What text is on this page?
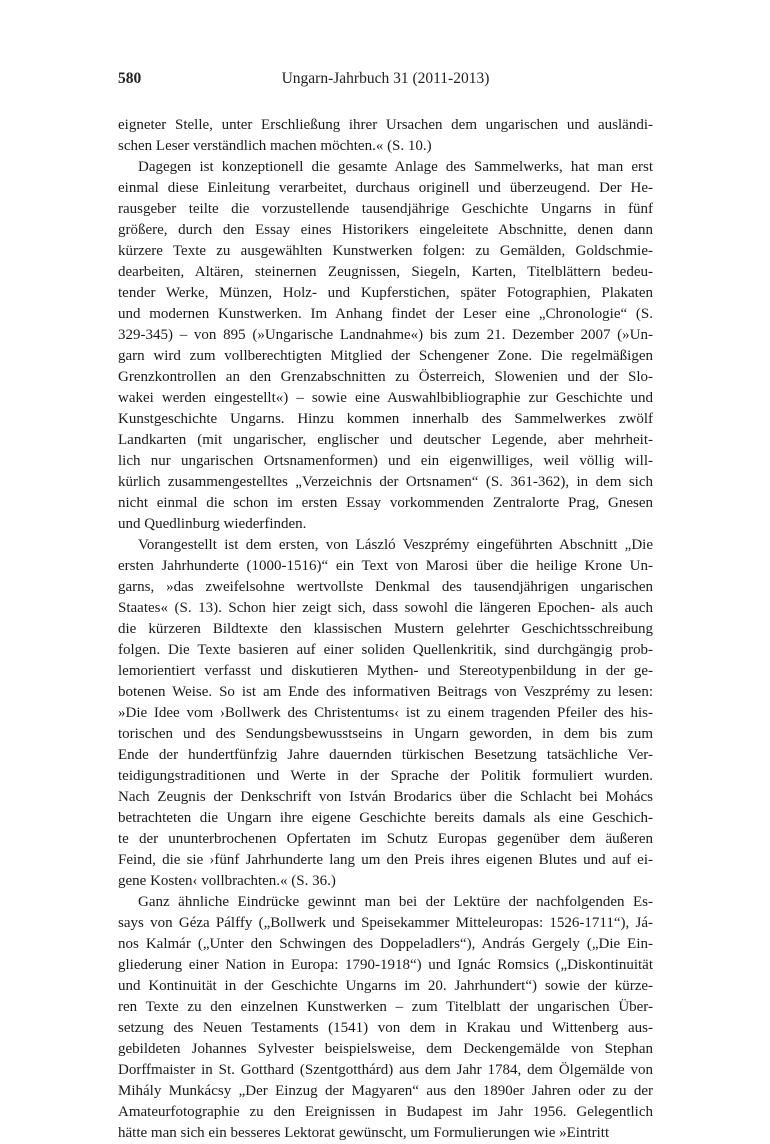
580	Ungarn-Jahrbuch 31 (2011-2013)
eigneter Stelle, unter Erschließung ihrer Ursachen dem ungarischen und ausländi-
schen Leser verständlich machen möchten.« (S. 10.)
Dagegen ist konzeptionell die gesamte Anlage des Sammelwerks, hat man erst
einmal diese Einleitung verarbeitet, durchaus originell und überzeugend. Der He-
rausgeber teilte die vorzustellende tausendjährige Geschichte Ungarns in fünf
größere, durch den Essay eines Historikers eingeleitete Abschnitte, denen dann
kürzere Texte zu ausgewählten Kunstwerken folgen: zu Gemälden, Goldschmie-
dearbeiten, Altären, steinernen Zeugnissen, Siegeln, Karten, Titelblättern bedeu-
tender Werke, Münzen, Holz- und Kupferstichen, später Fotographien, Plakaten
und modernen Kunstwerken. Im Anhang findet der Leser eine „Chronologie“ (S.
329-345) – von 895 (»Ungarische Landnahme«) bis zum 21. Dezember 2007 (»Un-
garn wird zum vollberechtigten Mitglied der Schengener Zone. Die regelmäßigen
Grenzkontrollen an den Grenzabschnitten zu Österreich, Slowenien und der Slo-
wakei werden eingestellt«) – sowie eine Auswahlbibliographie zur Geschichte und
Kunstgeschichte Ungarns. Hinzu kommen innerhalb des Sammelwerkes zwölf
Landkarten (mit ungarischer, englischer und deutscher Legende, aber mehrheit-
lich nur ungarischen Ortsnamenformen) und ein eigenwilliges, weil völlig will-
kürlich zusammengestelltes „Verzeichnis der Ortsnamen“ (S. 361-362), in dem sich
nicht einmal die schon im ersten Essay vorkommenden Zentralorte Prag, Gnesen
und Quedlinburg wiederfinden.
Vorangestellt ist dem ersten, von László Veszprémy eingeführten Abschnitt „Die
ersten Jahrhunderte (1000-1516)“ ein Text von Marosi über die heilige Krone Un-
garns, »das zweifelsohne wertvollste Denkmal des tausendjährigen ungarischen
Staates« (S. 13). Schon hier zeigt sich, dass sowohl die längeren Epochen- als auch
die kürzeren Bildtexte den klassischen Mustern gelehrter Geschichtsschreibung
folgen. Die Texte basieren auf einer soliden Quellenkritik, sind durchgängig prob-
lemorientiert verfasst und diskutieren Mythen- und Stereotypenbildung in der ge-
botenen Weise. So ist am Ende des informativen Beitrags von Veszprémy zu lesen:
»Die Idee vom ›Bollwerk des Christentums‹ ist zu einem tragenden Pfeiler des his-
torischen und des Sendungsbewusstseins in Ungarn geworden, in dem bis zum
Ende der hundertfünfzig Jahre dauernden türkischen Besetzung tatsächliche Ver-
teidigungstraditionen und Werte in der Sprache der Politik formuliert wurden.
Nach Zeugnis der Denkschrift von István Brodarics über die Schlacht bei Mohács
betrachteten die Ungarn ihre eigene Geschichte bereits damals als eine Geschich-
te der ununterbrochenen Opfertaten im Schutz Europas gegenüber dem äußeren
Feind, die sie ›fünf Jahrhunderte lang um den Preis ihres eigenen Blutes und auf ei-
gene Kosten‹ vollbrachten.« (S. 36.)
Ganz ähnliche Eindrücke gewinnt man bei der Lektüre der nachfolgenden Es-
says von Géza Pálffy („Bollwerk und Speisekammer Mitteleuropas: 1526-1711“), Já-
nos Kalmár („Unter den Schwingen des Doppeladlers“), András Gergely („Die Ein-
gliederung einer Nation in Europa: 1790-1918“) und Ignác Romsics („Diskontinuität
und Kontinuität in der Geschichte Ungarns im 20. Jahrhundert“) sowie der kürze-
ren Texte zu den einzelnen Kunstwerken – zum Titelblatt der ungarischen Über-
setzung des Neuen Testaments (1541) von dem in Krakau und Wittenberg aus-
gebildeten Johannes Sylvester beispielsweise, dem Deckengemälde von Stephan
Dorffmaister in St. Gotthard (Szentgotthárd) aus dem Jahr 1784, dem Ölgemälde von
Mihály Munkácsy „Der Einzug der Magyaren“ aus den 1890er Jahren oder zu der
Amateurfotographie zu den Ereignissen in Budapest im Jahr 1956. Gelegentlich
hätte man sich ein besseres Lektorat gewünscht, um Formulierungen wie »Eintritt
